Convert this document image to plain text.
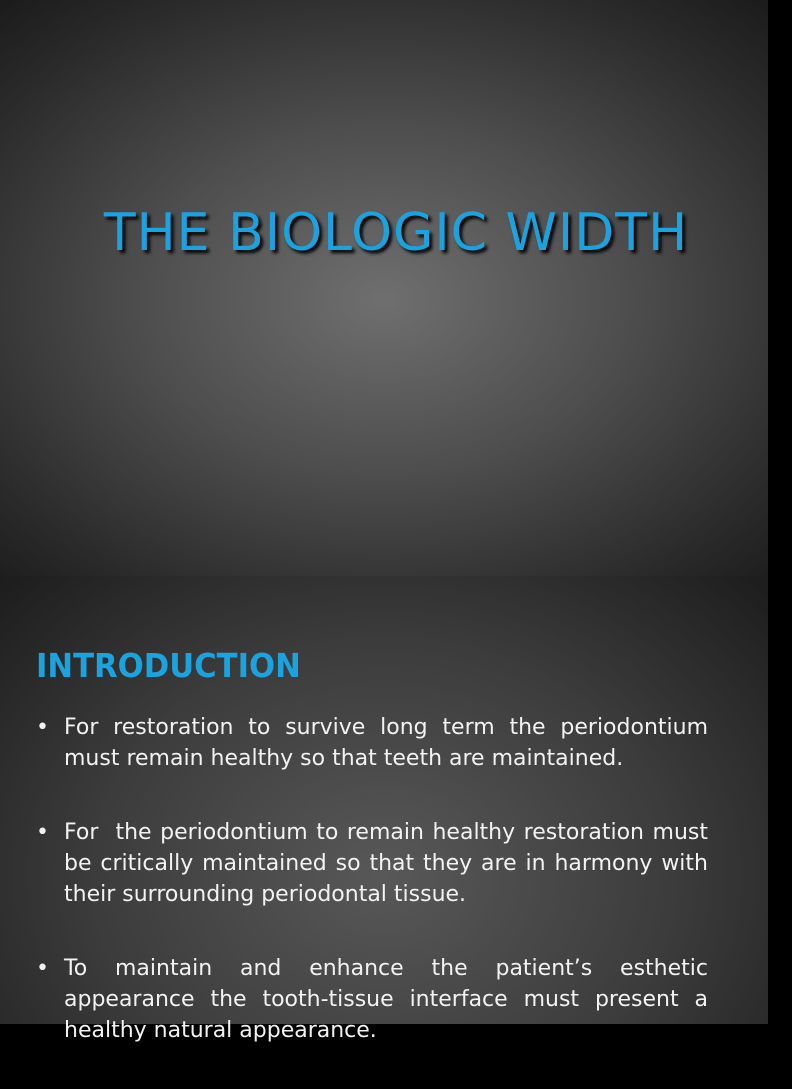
THE BIOLOGIC WIDTH
INTRODUCTION
• For restoration to survive long term the periodontium must remain healthy so that teeth are maintained.
• For  the periodontium to remain healthy restoration must be critically maintained so that they are in harmony with their surrounding periodontal tissue.
• To maintain and enhance the patient’s esthetic appearance the tooth-tissue interface must present a healthy natural appearance.
